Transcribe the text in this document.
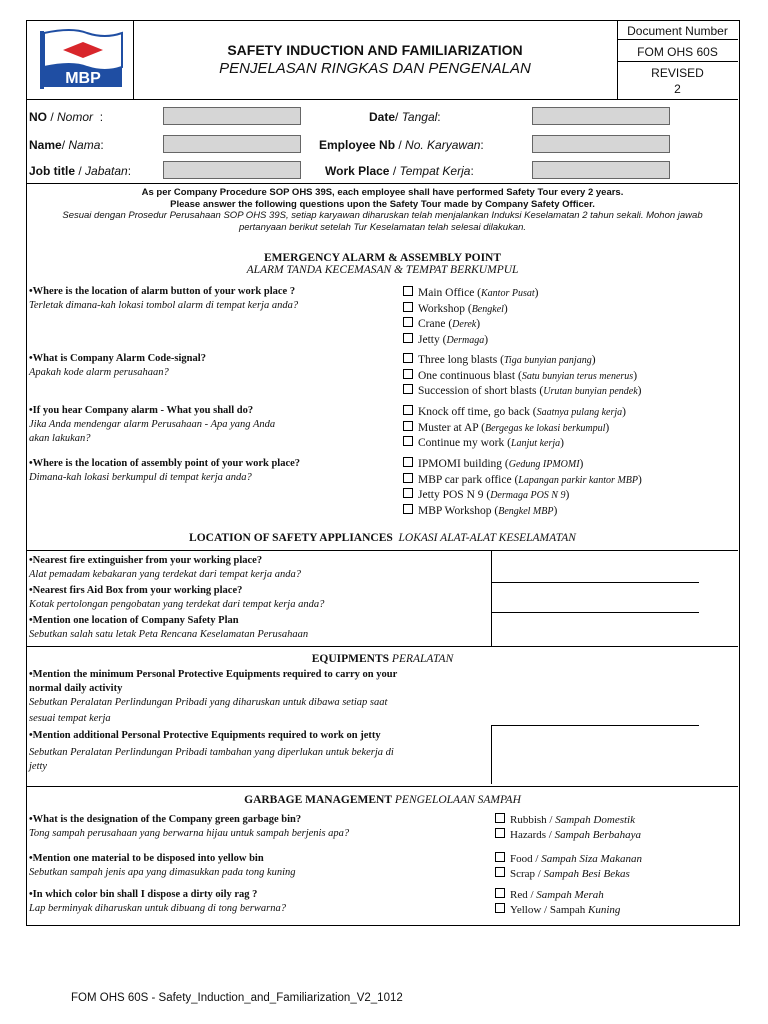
MBP
SAFETY INDUCTION AND FAMILIARIZATION
PENJELASAN RINGKAS DAN PENGENALAN
Document Number
FOM OHS 60S
REVISED
2
NO / Nomor  :
Name/ Nama:
Job title / Jabatan:
Date/ Tangal:
Employee Nb / No. Karyawan:
Work Place / Tempat Kerja:
As per Company Procedure SOP OHS 39S, each employee shall have performed Safety Tour every 2 years.
Please answer the following questions upon the Safety Tour made by Company Safety Officer.
Sesuai dengan Prosedur Perusahaan SOP OHS 39S, setiap karyawan diharuskan telah menjalankan Induksi Keselamatan 2 tahun sekali. Mohon jawab
pertanyaan berikut setelah Tur Keselamatan telah selesai dilakukan.
EMERGENCY ALARM & ASSEMBLY POINT
ALARM TANDA KECEMASAN & TEMPAT BERKUMPUL
•Where is the location of alarm button of your work place ?
Terletak dimana-kah lokasi tombol alarm di tempat kerja anda?
Main Office (Kantor Pusat)
Workshop (Bengkel)
Crane (Derek)
Jetty (Dermaga)
•What is Company Alarm Code-signal?
Apakah kode alarm perusahaan?
Three long blasts (Tiga bunyian panjang)
One continuous blast (Satu bunyian terus menerus)
Succession of short blasts (Urutan bunyian pendek)
•If you hear Company alarm - What you shall do?
Jika Anda mendengar alarm Perusahaan - Apa yang Anda
akan lakukan?
Knock off time, go back (Saatnya pulang kerja)
Muster at AP (Bergegas ke lokasi berkumpul)
Continue my work (Lanjut kerja)
•Where is the location of assembly point of your work place?
Dimana-kah lokasi berkumpul di tempat kerja anda?
IPMOMI building (Gedung IPMOMI)
MBP car park office (Lapangan parkir kantor MBP)
Jetty POS N 9 (Dermaga POS N 9)
MBP Workshop (Bengkel MBP)
LOCATION OF SAFETY APPLIANCES LOKASI ALAT-ALAT KESELAMATAN
•Nearest fire extinguisher from your working place?
Alat pemadam kebakaran yang terdekat dari tempat kerja anda?
•Nearest firs Aid Box from your working place?
Kotak pertolongan pengobatan yang terdekat dari tempat kerja anda?
•Mention one location of Company Safety Plan
Sebutkan salah satu letak Peta Rencana Keselamatan Perusahaan
EQUIPMENTS PERALATAN
•Mention the minimum Personal Protective Equipments required to carry on your
normal daily activity
Sebutkan Peralatan Perlindungan Pribadi yang diharuskan untuk dibawa setiap saat
sesuai tempat kerja
•Mention additional Personal Protective Equipments required to work on jetty
Sebutkan Peralatan Perlindungan Pribadi tambahan yang diperlukan untuk bekerja di
jetty
GARBAGE MANAGEMENT PENGELOLAAN SAMPAH
•What is the designation of the Company green garbage bin?
Tong sampah perusahaan yang berwarna hijau untuk sampah berjenis apa?
Rubbish / Sampah Domestik
Hazards / Sampah Berbahaya
•Mention one material to be disposed into yellow bin
Sebutkan sampah jenis apa yang dimasukkan pada tong kuning
Food / Sampah Siza Makanan
Scrap / Sampah Besi Bekas
•In which color bin shall I dispose a dirty oily rag ?
Lap berminyak diharuskan untuk dibuang di tong berwarna?
Red / Sampah Merah
Yellow / Sampah Kuning
FOM OHS 60S - Safety_Induction_and_Familiarization_V2_1012
